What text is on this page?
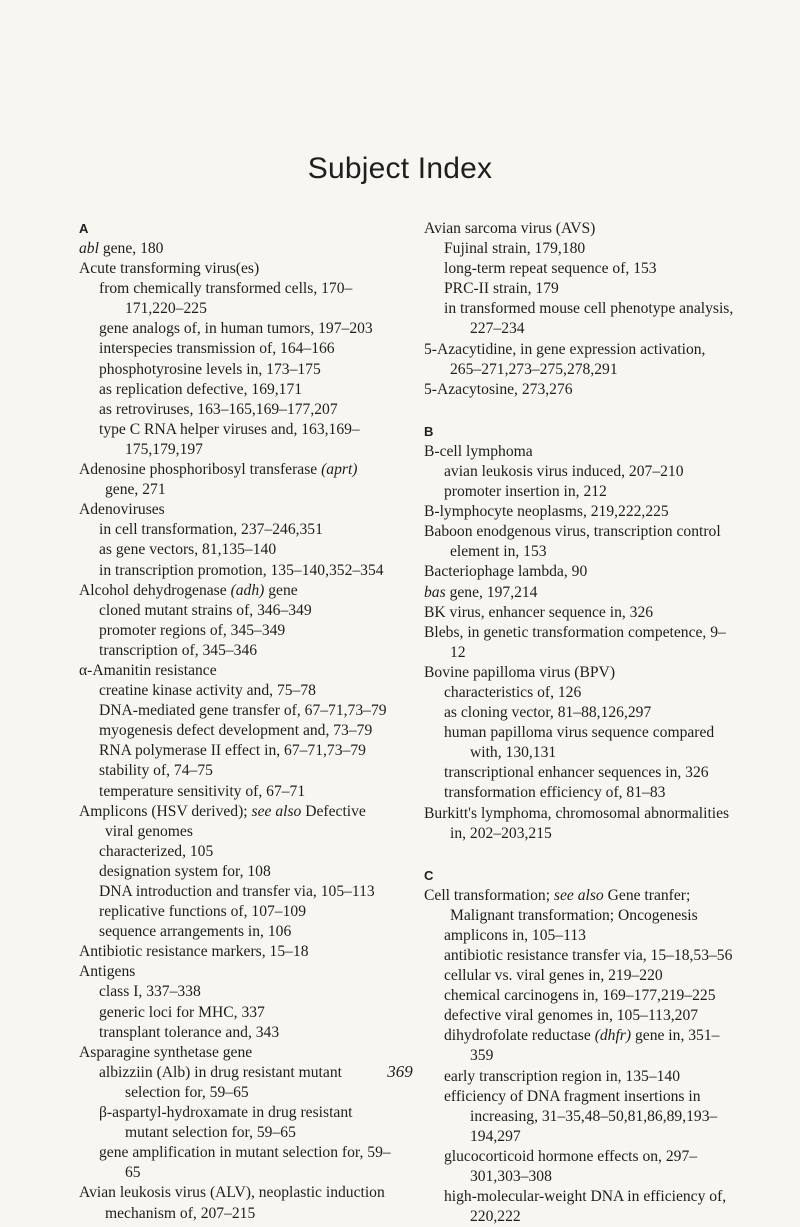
Subject Index
A
abl gene, 180
Acute transforming virus(es)
from chemically transformed cells, 170–171,220–225
gene analogs of, in human tumors, 197–203
interspecies transmission of, 164–166
phosphotyrosine levels in, 173–175
as replication defective, 169,171
as retroviruses, 163–165,169–177,207
type C RNA helper viruses and, 163,169–175,179,197
Adenosine phosphoribosyl transferase (aprt) gene, 271
Adenoviruses
in cell transformation, 237–246,351
as gene vectors, 81,135–140
in transcription promotion, 135–140,352–354
Alcohol dehydrogenase (adh) gene
cloned mutant strains of, 346–349
promoter regions of, 345–349
transcription of, 345–346
α-Amanitin resistance
creatine kinase activity and, 75–78
DNA-mediated gene transfer of, 67–71,73–79
myogenesis defect development and, 73–79
RNA polymerase II effect in, 67–71,73–79
stability of, 74–75
temperature sensitivity of, 67–71
Amplicons (HSV derived); see also Defective viral genomes
characterized, 105
designation system for, 108
DNA introduction and transfer via, 105–113
replicative functions of, 107–109
sequence arrangements in, 106
Antibiotic resistance markers, 15–18
Antigens
class I, 337–338
generic loci for MHC, 337
transplant tolerance and, 343
Asparagine synthetase gene
albizziin (Alb) in drug resistant mutant selection for, 59–65
β-aspartyl-hydroxamate in drug resistant mutant selection for, 59–65
gene amplification in mutant selection for, 59–65
Avian leukosis virus (ALV), neoplastic induction mechanism of, 207–215
Avian sarcoma virus (AVS)
Fujinal strain, 179,180
long-term repeat sequence of, 153
PRC-II strain, 179
in transformed mouse cell phenotype analysis, 227–234
5-Azacytidine, in gene expression activation, 265–271,273–275,278,291
5-Azacytosine, 273,276
B
B-cell lymphoma
avian leukosis virus induced, 207–210
promoter insertion in, 212
B-lymphocyte neoplasms, 219,222,225
Baboon enodgenous virus, transcription control element in, 153
Bacteriophage lambda, 90
bas gene, 197,214
BK virus, enhancer sequence in, 326
Blebs, in genetic transformation competence, 9–12
Bovine papilloma virus (BPV)
characteristics of, 126
as cloning vector, 81–88,126,297
human papilloma virus sequence compared with, 130,131
transcriptional enhancer sequences in, 326
transformation efficiency of, 81–83
Burkitt's lymphoma, chromosomal abnormalities in, 202–203,215
C
Cell transformation; see also Gene tranfer; Malignant transformation; Oncogenesis
amplicons in, 105–113
antibiotic resistance transfer via, 15–18,53–56
cellular vs. viral genes in, 219–220
chemical carcinogens in, 169–177,219–225
defective viral genomes in, 105–113,207
dihydrofolate reductase (dhfr) gene in, 351–359
early transcription region in, 135–140
efficiency of DNA fragment insertions in increasing, 31–35,48–50,81,86,89,193–194,297
glucocorticoid hormone effects on, 297–301,303–308
high-molecular-weight DNA in efficiency of, 220,222
369
